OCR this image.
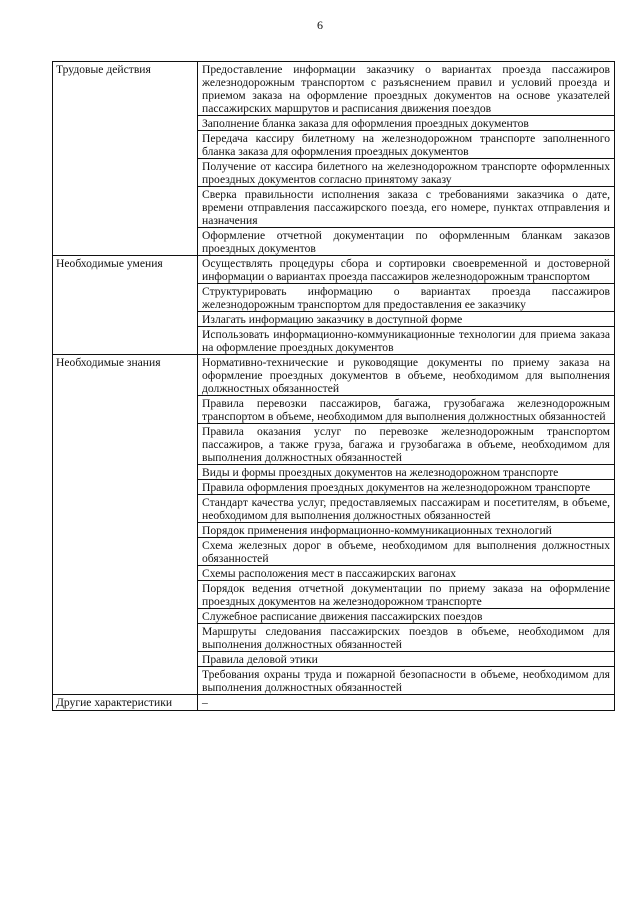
6
Трудовые действия	Предоставление информации заказчику о вариантах проезда пассажиров железнодорожным транспортом с разъяснением правил и условий проезда и приемом заказа на оформление проездных документов на основе указателей пассажирских маршрутов и расписания движения поездов
	Заполнение бланка заказа для оформления проездных документов
	Передача кассиру билетному на железнодорожном транспорте заполненного бланка заказа для оформления проездных документов
	Получение от кассира билетного на железнодорожном транспорте оформленных проездных документов согласно принятому заказу
	Сверка правильности исполнения заказа с требованиями заказчика о дате, времени отправления пассажирского поезда, его номере, пунктах отправления и назначения
	Оформление отчетной документации по оформленным бланкам заказов проездных документов
Необходимые умения	Осуществлять процедуры сбора и сортировки своевременной и достоверной информации о вариантах проезда пассажиров железнодорожным транспортом
	Структурировать информацию о вариантах проезда пассажиров железнодорожным транспортом для предоставления ее заказчику
	Излагать информацию заказчику в доступной форме
	Использовать информационно-коммуникационные технологии для приема заказа на оформление проездных документов
Необходимые знания	Нормативно-технические и руководящие документы по приему заказа на оформление проездных документов в объеме, необходимом для выполнения должностных обязанностей
	Правила перевозки пассажиров, багажа, грузобагажа железнодорожным транспортом в объеме, необходимом для выполнения должностных обязанностей
	Правила оказания услуг по перевозке железнодорожным транспортом пассажиров, а также груза, багажа и грузобагажа в объеме, необходимом для выполнения должностных обязанностей
	Виды и формы проездных документов на железнодорожном транспорте
	Правила оформления проездных документов на железнодорожном транспорте
	Стандарт качества услуг, предоставляемых пассажирам и посетителям, в объеме, необходимом для выполнения должностных обязанностей
	Порядок применения информационно-коммуникационных технологий
	Схема железных дорог в объеме, необходимом для выполнения должностных обязанностей
	Схемы расположения мест в пассажирских вагонах
	Порядок ведения отчетной документации по приему заказа на оформление проездных документов на железнодорожном транспорте
	Служебное расписание движения пассажирских поездов
	Маршруты следования пассажирских поездов в объеме, необходимом для выполнения должностных обязанностей
	Правила деловой этики
	Требования охраны труда и пожарной безопасности в объеме, необходимом для выполнения должностных обязанностей
Другие характеристики	–
